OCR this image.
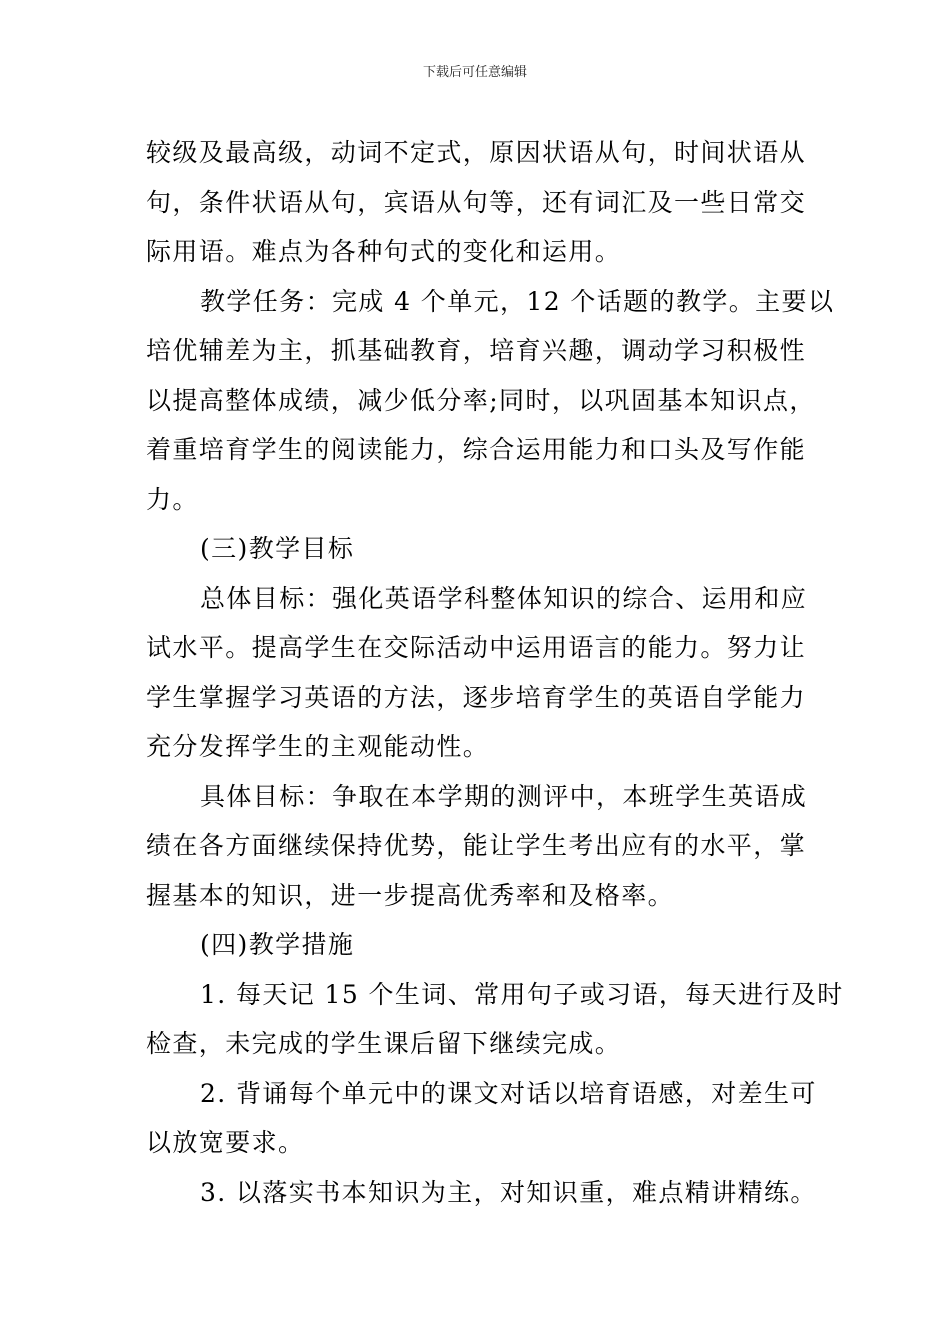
下载后可任意编辑

较级及最高级，动词不定式，原因状语从句，时间状语从

句，条件状语从句，宾语从句等，还有词汇及一些日常交

际用语。难点为各种句式的变化和运用。

教学任务：完成 4 个单元，12 个话题的教学。主要以

培优辅差为主，抓基础教育，培育兴趣，调动学习积极性

以提高整体成绩，减少低分率;同时，以巩固基本知识点，

着重培育学生的阅读能力，综合运用能力和口头及写作能

力。

(三)教学目标

总体目标：强化英语学科整体知识的综合、运用和应

试水平。提高学生在交际活动中运用语言的能力。努力让

学生掌握学习英语的方法，逐步培育学生的英语自学能力

充分发挥学生的主观能动性。

具体目标：争取在本学期的测评中，本班学生英语成

绩在各方面继续保持优势，能让学生考出应有的水平，掌

握基本的知识，进一步提高优秀率和及格率。

(四)教学措施

1. 每天记 15 个生词、常用句子或习语，每天进行及时

检查，未完成的学生课后留下继续完成。

2. 背诵每个单元中的课文对话以培育语感，对差生可

以放宽要求。

3. 以落实书本知识为主，对知识重，难点精讲精练。
